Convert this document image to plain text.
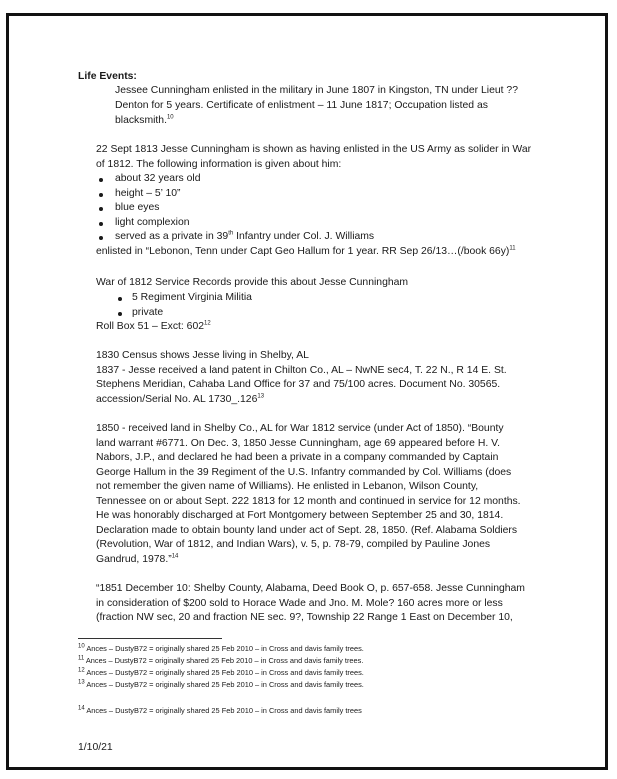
Life Events:
Jessee Cunningham enlisted in the military in June 1807 in Kingston, TN under Lieut ??
Denton for 5 years. Certificate of enlistment – 11 June 1817; Occupation listed as
blacksmith.$^{10}$
22 Sept 1813 Jesse Cunningham is shown as having enlisted in the US Army as solider in War
of 1812. The following information is given about him:
about 32 years old
height – 5’ 10”
blue eyes
light complexion
served as a private in 39th Infantry under Col. J. Williams
enlisted in “Lebonon, Tenn under Capt Geo Hallum for 1 year. RR Sep 26/13…(/book 66y)$^{11}$
War of 1812 Service Records provide this about Jesse Cunningham
5 Regiment Virginia Militia
private
Roll Box 51 – Exct: $602^{12}$
1830 Census shows Jesse living in Shelby, AL
1837 - Jesse received a land patent in Chilton Co., AL – NwNE sec4, T. 22 N., R 14 E. St.
Stephens Meridian, Cahaba Land Office for 37 and 75/100 acres. Document No. 30565.
accession/Serial No. AL 1730_.126$^{13}$
1850 - received land in Shelby Co., AL for War 1812 service (under Act of 1850). “Bounty
land warrant #6771. On Dec. 3, 1850 Jesse Cunningham, age 69 appeared before H. V.
Nabors, J.P., and declared he had been a private in a company commanded by Captain
George Hallum in the 39 Regiment of the U.S. Infantry commanded by Col. Williams (does
not remember the given name of Williams). He enlisted in Lebanon, Wilson County,
Tennessee on or about Sept. 222 1813 for 12 month and continued in service for 12 months.
He was honorably discharged at Fort Montgomery between September 25 and 30, 1814.
Declaration made to obtain bounty land under act of Sept. 28, 1850. (Ref. Alabama Soldiers
(Revolution, War of 1812, and Indian Wars), v. 5, p. 78-79, compiled by Pauline Jones
Gandrud, 1978.”$^{14}$
“1851 December 10: Shelby County, Alabama, Deed Book O, p. 657-658. Jesse Cunningham
in consideration of $200 sold to Horace Wade and Jno. M. Mole? 160 acres more or less
(fraction NW sec, 20 and fraction NE sec. 9?, Township 22 Range 1 East on December 10,
$^{10}$ Ances – DustyB72 = originally shared 25 Feb 2010 – in Cross and davis family trees.
$^{11}$ Ances – DustyB72 = originally shared 25 Feb 2010 – in Cross and davis family trees.
$^{12}$ Ances – DustyB72 = originally shared 25 Feb 2010 – in Cross and davis family trees.
$^{13}$ Ances – DustyB72 = originally shared 25 Feb 2010 – in Cross and davis family trees.
$^{14}$ Ances – DustyB72 = originally shared 25 Feb 2010 – in Cross and davis family trees
1/10/21
